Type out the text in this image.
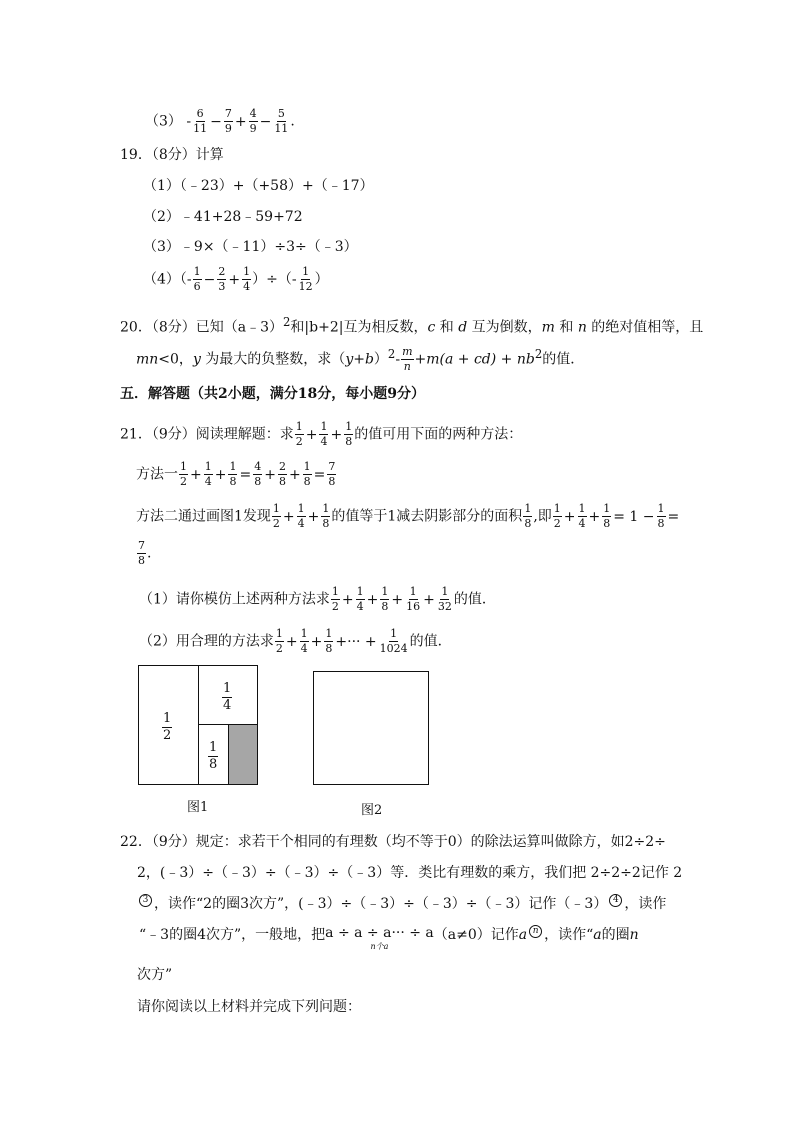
$(3) - \frac{6}{11} - \frac{7}{9} + \frac{4}{9} - \frac{5}{11}$ .
19．（8分）计算
（1）（﹣23）+（+58）+（﹣17）
（2）﹣41+28﹣59+72
（3）﹣9×（﹣11）÷3÷（﹣3）
$(4)(- \frac{1}{6} - \frac{2}{3} + \frac{1}{4}$ ）÷（- $\frac{1}{12}$ ）
20．（8分）已知（a﹣3）$^2$和|b+2|互为相反数，c 和 d 互为倒数，m 和 n 的绝对值相等，且
mn<0，y 为最大的负整数，求$(y+b)^2- \frac{m}{n} +m(a + cd) + nb^2$的值．
五．解答题（共2小题，满分18分，每小题9分）
21．（9分）阅读理解题：求 $\frac{1}{2} + \frac{1}{4} + \frac{1}{8}$ 的值可用下面的两种方法：
方法一 $\frac{1}{2} + \frac{1}{4} + \frac{1}{8} = \frac{4}{8} + \frac{2}{8} + \frac{1}{8} = \frac{7}{8}$
方法二通过画图1发现 $\frac{1}{2} + \frac{1}{4} + \frac{1}{8}$ 的值等于1减去阴影部分的面积 $\frac{1}{8}$ ,即 $\frac{1}{2} + \frac{1}{4} + \frac{1}{8} = 1 - \frac{1}{8}$ =
$\frac{7}{8}$ .
（1）请你模仿上述两种方法求 $\frac{1}{2} + \frac{1}{4} + \frac{1}{8} + \frac{1}{16} + \frac{1}{32}$ 的值．
（2）用合理的方法求 $\frac{1}{2} + \frac{1}{4} + \frac{1}{8}$ +··· + $\frac{1}{1024}$ 的值．
1
2
1
4
1
8
图1	图2
22．（9分）规定：求若干个相同的有理数（均不等于0）的除法运算叫做除方，如2÷2÷
2，(﹣3）÷（﹣3）÷（﹣3）÷（﹣3）等．类比有理数的乘方，我们把 2÷2÷2记作 2
3 ，读作“2的圈3次方”，(﹣3）÷（﹣3）÷（﹣3）÷（﹣3）记作（﹣3） 4 ，读作
“﹣3的圈4次方”，一般地，把 a ÷ a ÷ a··· ÷ a
n个a
（a≠0）记作a n ，读作“a的圈n
次方”
请你阅读以上材料并完成下列问题：
